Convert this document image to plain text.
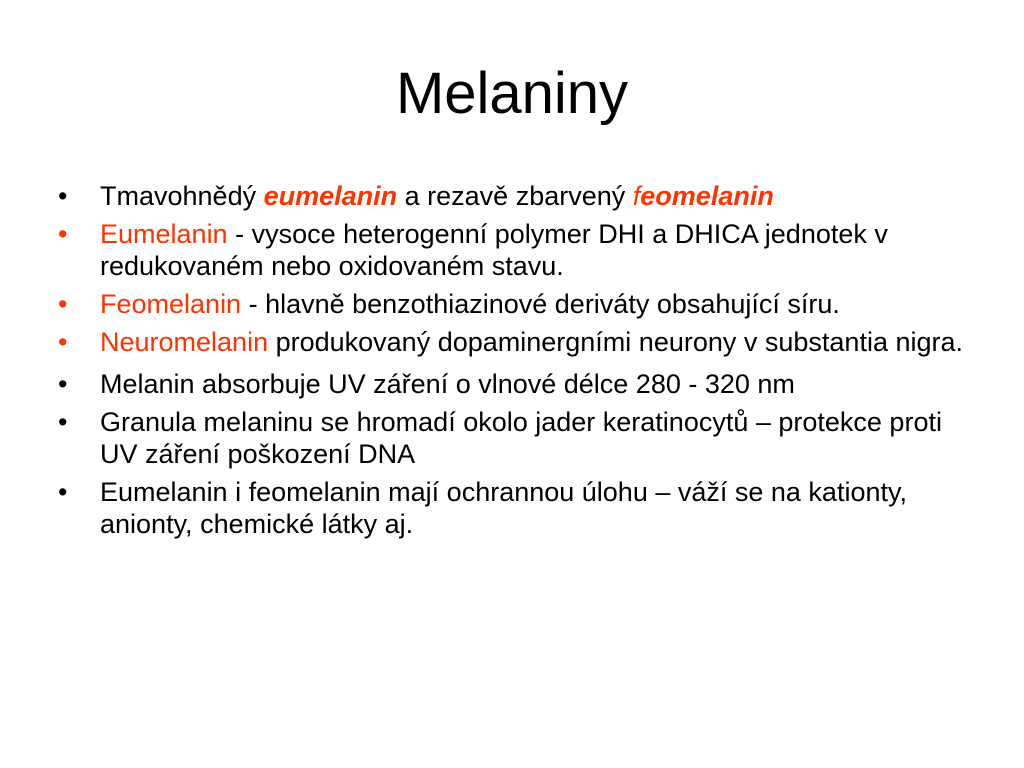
Melaniny
•	Tmavohnědý eumelanin a rezavě zbarvený feomelanin
•	Eumelanin - vysoce heterogenní polymer DHI a DHICA jednotek v redukovaném nebo oxidovaném stavu.
•	Feomelanin - hlavně benzothiazinové deriváty obsahující síru.
•	Neuromelanin produkovaný dopaminergními neurony v substantia nigra.
•	Melanin absorbuje UV záření o vlnové délce 280 - 320 nm
•	Granula melaninu se hromadí okolo jader keratinocytů – protekce proti UV záření poškození DNA
•	Eumelanin i feomelanin mají ochrannou úlohu – váží se na kationty, anionty, chemické látky aj.
